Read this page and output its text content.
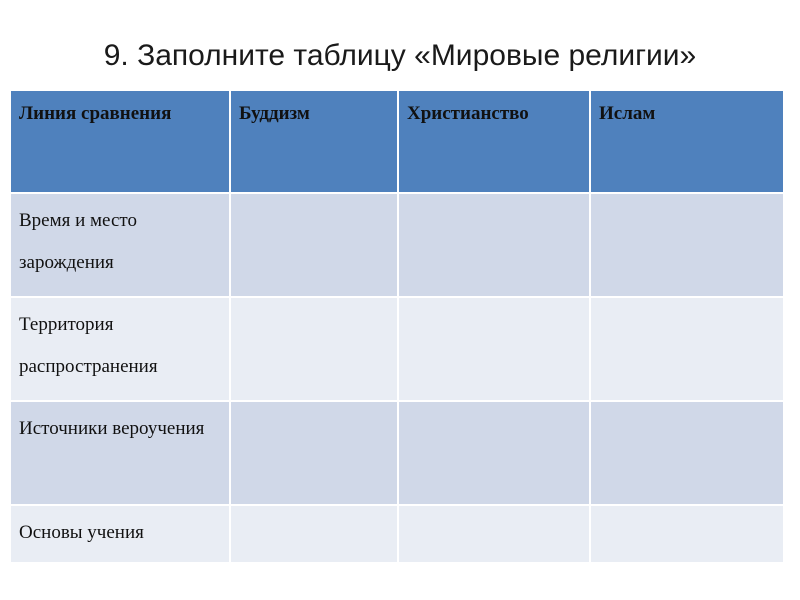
9. Заполните таблицу «Мировые религии»
Линия сравнения	Буддизм	Христианство	Ислам
Время и место зарождения			
Территория распространения			
Источники вероучения			
Основы учения			
